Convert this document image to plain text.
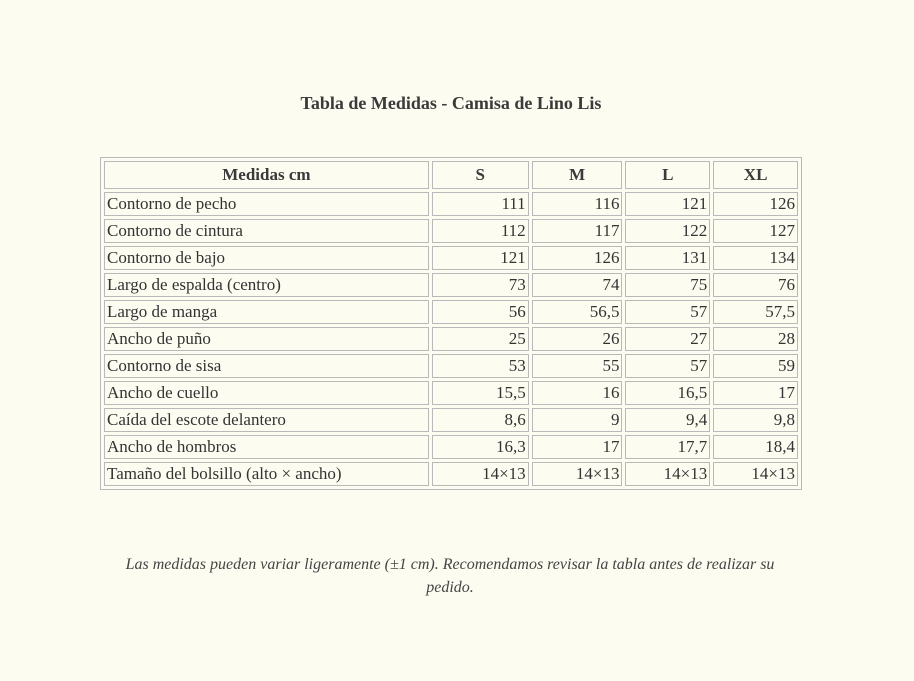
Tabla de Medidas - Camisa de Lino Lis
Medidas cm	S	M	L	XL
Contorno de pecho	111	116	121	126
Contorno de cintura	112	117	122	127
Contorno de bajo	121	126	131	134
Largo de espalda (centro)	73	74	75	76
Largo de manga	56	56,5	57	57,5
Ancho de puño	25	26	27	28
Contorno de sisa	53	55	57	59
Ancho de cuello	15,5	16	16,5	17
Caída del escote delantero	8,6	9	9,4	9,8
Ancho de hombros	16,3	17	17,7	18,4
Tamaño del bolsillo (alto × ancho)	14×13	14×13	14×13	14×13
Las medidas pueden variar ligeramente (±1 cm). Recomendamos revisar la tabla antes de realizar su pedido.
